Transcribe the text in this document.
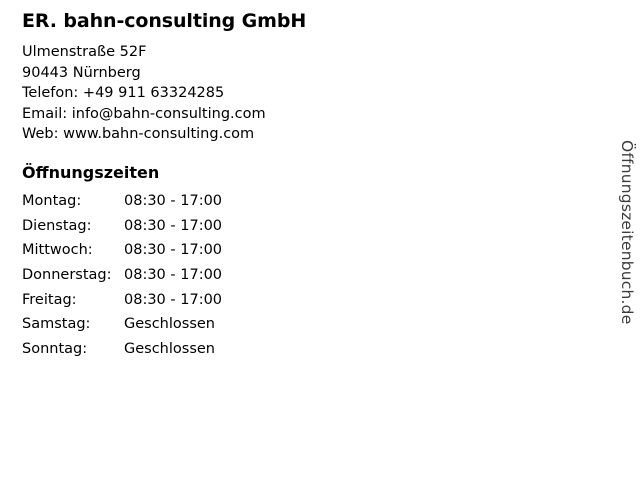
ER. bahn-consulting GmbH
Ulmenstraße 52F
90443 Nürnberg
Telefon: +49 911 63324285
Email: info@bahn-consulting.com
Web: www.bahn-consulting.com
Öffnungszeiten
Montag:	08:30 - 17:00
Dienstag:	08:30 - 17:00
Mittwoch:	08:30 - 17:00
Donnerstag:	08:30 - 17:00
Freitag:	08:30 - 17:00
Samstag:	Geschlossen
Sonntag:	Geschlossen
Öffnungszeitenbuch.de
